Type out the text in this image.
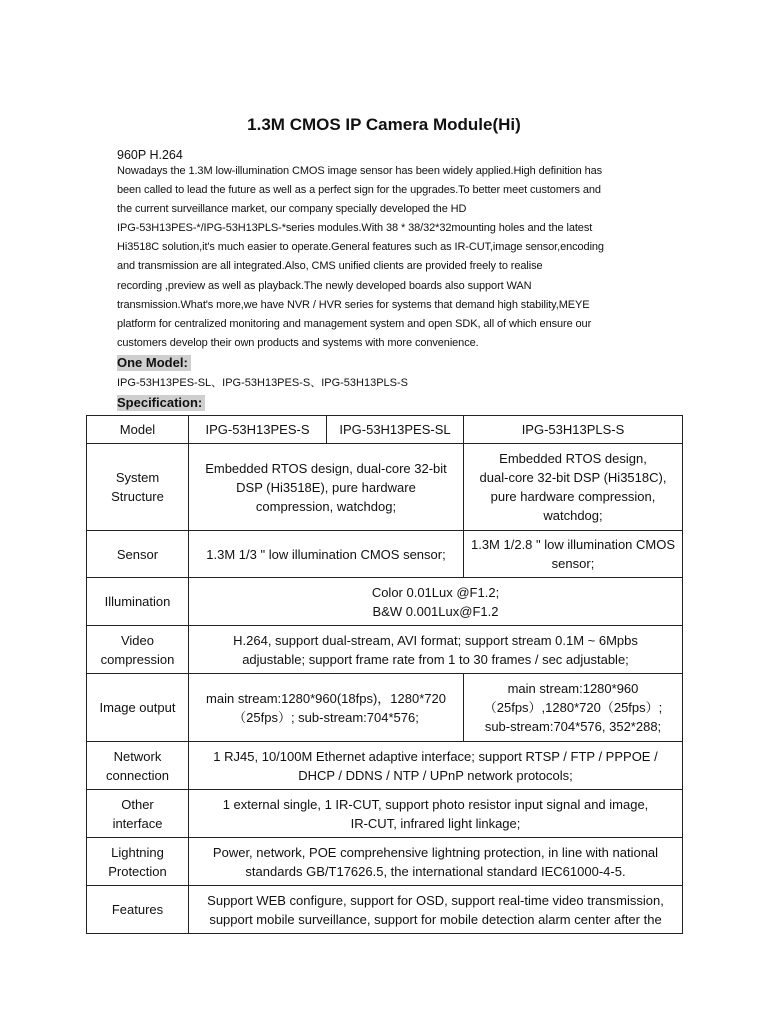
1.3M CMOS IP Camera Module(Hi)

960P H.264

Nowadays the 1.3M low-illumination CMOS image sensor has been widely applied.High definition has
been called to lead the future as well as a perfect sign for the upgrades.To better meet customers and
the current surveillance market, our company specially developed the HD
IPG-53H13PES-*/IPG-53H13PLS-*series modules.With 38 * 38/32*32mounting holes and the latest
Hi3518C solution,it's much easier to operate.General features such as IR-CUT,image sensor,encoding
and transmission are all integrated.Also, CMS unified clients are provided freely to realise
recording ,preview as well as playback.The newly developed boards also support WAN
transmission.What's more,we have NVR / HVR series for systems that demand high stability,MEYE
platform for centralized monitoring and management system and open SDK, all of which ensure our
customers develop their own products and systems with more convenience.
One Model:

IPG-53H13PES-SL、IPG-53H13PES-S、IPG-53H13PLS-S

Specification:
Model	IPG-53H13PES-S	IPG-53H13PES-SL	IPG-53H13PLS-S

System
Structure	Embedded RTOS design, dual-core 32-bit
DSP (Hi3518E), pure hardware
compression, watchdog;		Embedded RTOS design,
dual-core 32-bit DSP (Hi3518C),
pure hardware compression,
watchdog;

Sensor	1.3M 1/3 " low illumination CMOS sensor;		1.3M 1/2.8 " low illumination CMOS
sensor;

Illumination	Color 0.01Lux @F1.2;
B&W 0.001Lux@F1.2		

Video
compression	H.264, support dual-stream, AVI format; support stream 0.1M ~ 6Mpbs
adjustable; support frame rate from 1 to 30 frames / sec adjustable;		

Image output	main stream:1280*960(18fps)，1280*720
（25fps）; sub-stream:704*576;		main stream:1280*960
（25fps）,1280*720（25fps）;
sub-stream:704*576, 352*288;

Network
connection	1 RJ45, 10/100M Ethernet adaptive interface; support RTSP / FTP / PPPOE /
DHCP / DDNS / NTP / UPnP network protocols;		

Other
interface	1 external single, 1 IR-CUT, support photo resistor input signal and image,
IR-CUT, infrared light linkage;		

Lightning
Protection	Power, network, POE comprehensive lightning protection, in line with national
standards GB/T17626.5, the international standard IEC61000-4-5.		

Features	Support WEB configure, support for OSD, support real-time video transmission,
support mobile surveillance, support for mobile detection alarm center after the		
